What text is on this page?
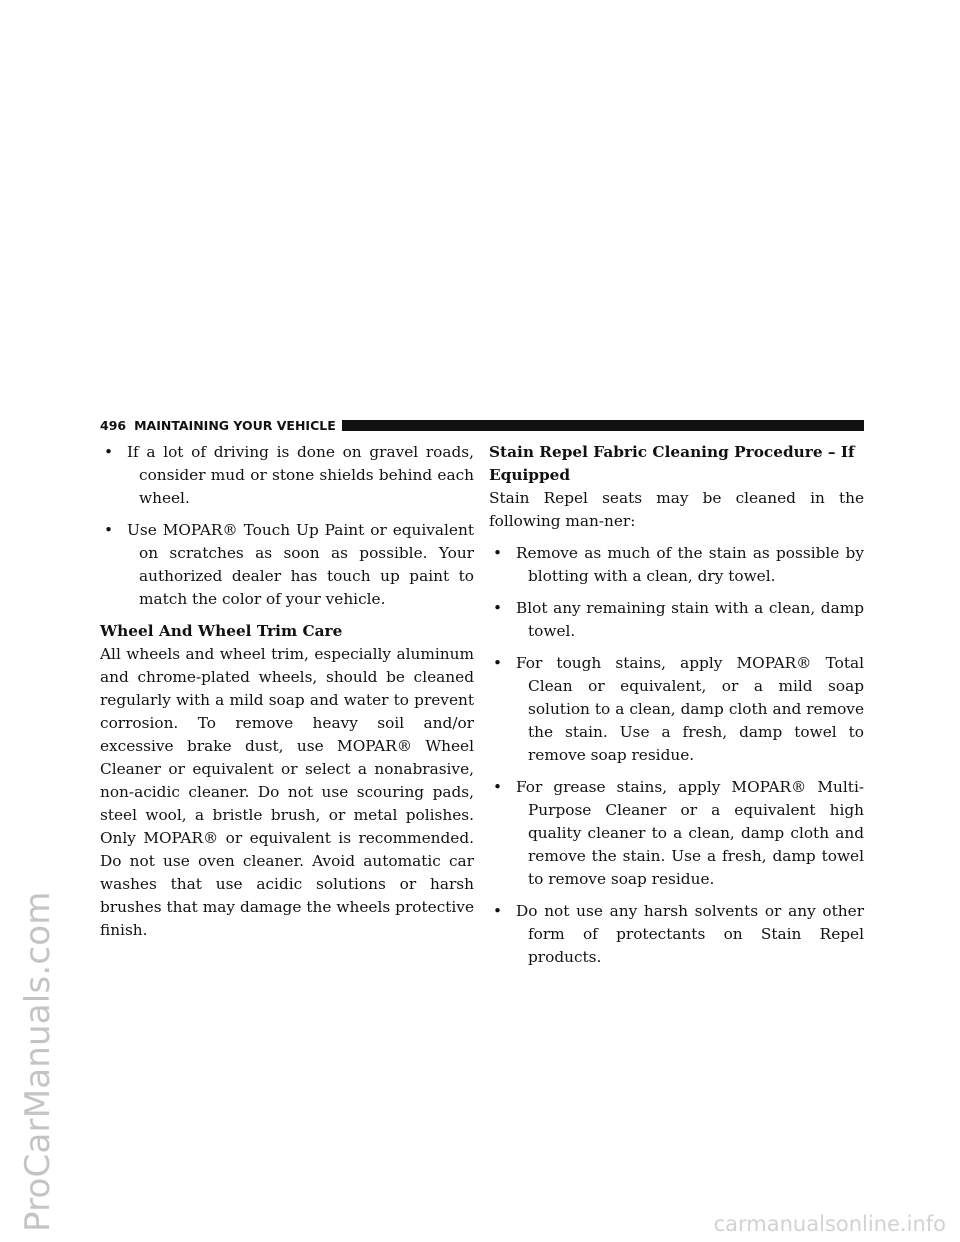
ProCarManuals.com
496 MAINTAINING YOUR VEHICLE
• If a lot of driving is done on gravel roads, consider mud or stone shields behind each wheel.
• Use MOPAR® Touch Up Paint or equivalent on scratches as soon as possible. Your authorized dealer has touch up paint to match the color of your vehicle.
Wheel And Wheel Trim Care

All wheels and wheel trim, especially aluminum and chrome-plated wheels, should be cleaned regularly with a mild soap and water to prevent corrosion. To remove heavy soil and/or excessive brake dust, use MOPAR® Wheel Cleaner or equivalent or select a nonabrasive, non-acidic cleaner. Do not use scouring pads, steel wool, a bristle brush, or metal polishes. Only MOPAR® or equivalent is recommended. Do not use oven cleaner. Avoid automatic car washes that use acidic solutions or harsh brushes that may damage the wheels protective finish.

Stain Repel Fabric Cleaning Procedure – If Equipped

Stain Repel seats may be cleaned in the following man-ner:

• Remove as much of the stain as possible by blotting with a clean, dry towel.
• Blot any remaining stain with a clean, damp towel.
• For tough stains, apply MOPAR® Total Clean or equivalent, or a mild soap solution to a clean, damp cloth and remove the stain. Use a fresh, damp towel to remove soap residue.
• For grease stains, apply MOPAR® Multi-Purpose Cleaner or a equivalent high quality cleaner to a clean, damp cloth and remove the stain. Use a fresh, damp towel to remove soap residue.
• Do not use any harsh solvents or any other form of protectants on Stain Repel products.
carmanualsonline.info
